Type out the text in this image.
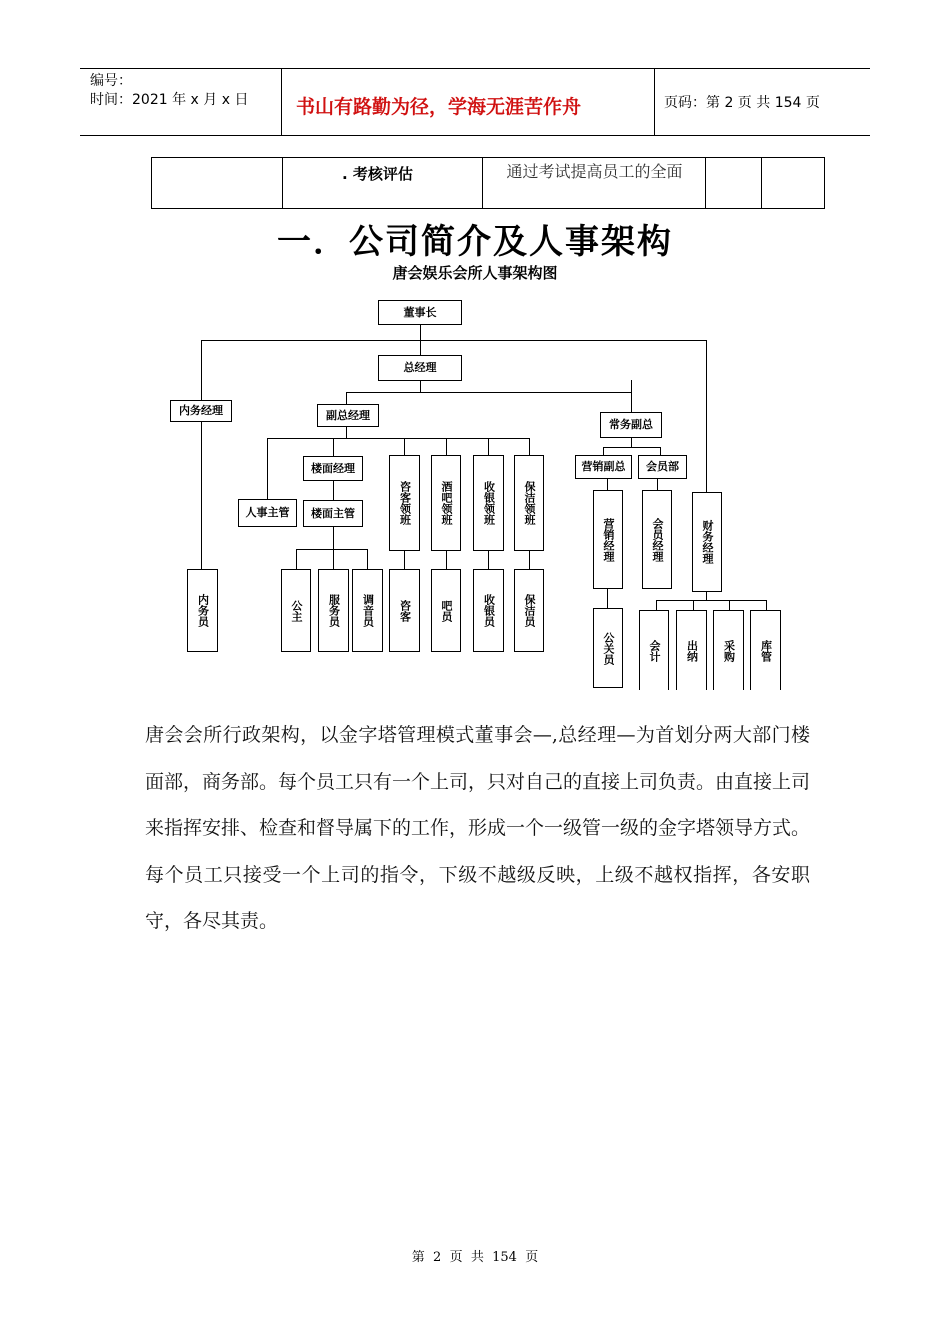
编号：
时间：2021 年 x 月 x 日	书山有路勤为径，学海无涯苦作舟	页码：第 2 页 共 154 页
. 考核评估	通过考试提高员工的全面
一．公司简介及人事架构
唐会娱乐会所人事架构图
董事长
总经理
内务经理	副总经理
常务副总
楼面经理
人事主管	楼面主管
营销副总	会员部
咨客领班	酒吧领班	收银领班	保洁领班
营销经理	会员经理	财务经理
内务员	公主	服务员	调音员	咨客	吧员	收银员	保洁员
公关员	会计	出纳	采购	库管
唐会会所行政架构，以金字塔管理模式董事会—,总经理—为首划分两大部门楼面部，商务部。每个员工只有一个上司，只对自己的直接上司负责。由直接上司来指挥安排、检查和督导属下的工作，形成一个一级管一级的金字塔领导方式。每个员工只接受一个上司的指令，下级不越级反映，上级不越权指挥，各安职守，各尽其责。
第  2  页  共  154  页
